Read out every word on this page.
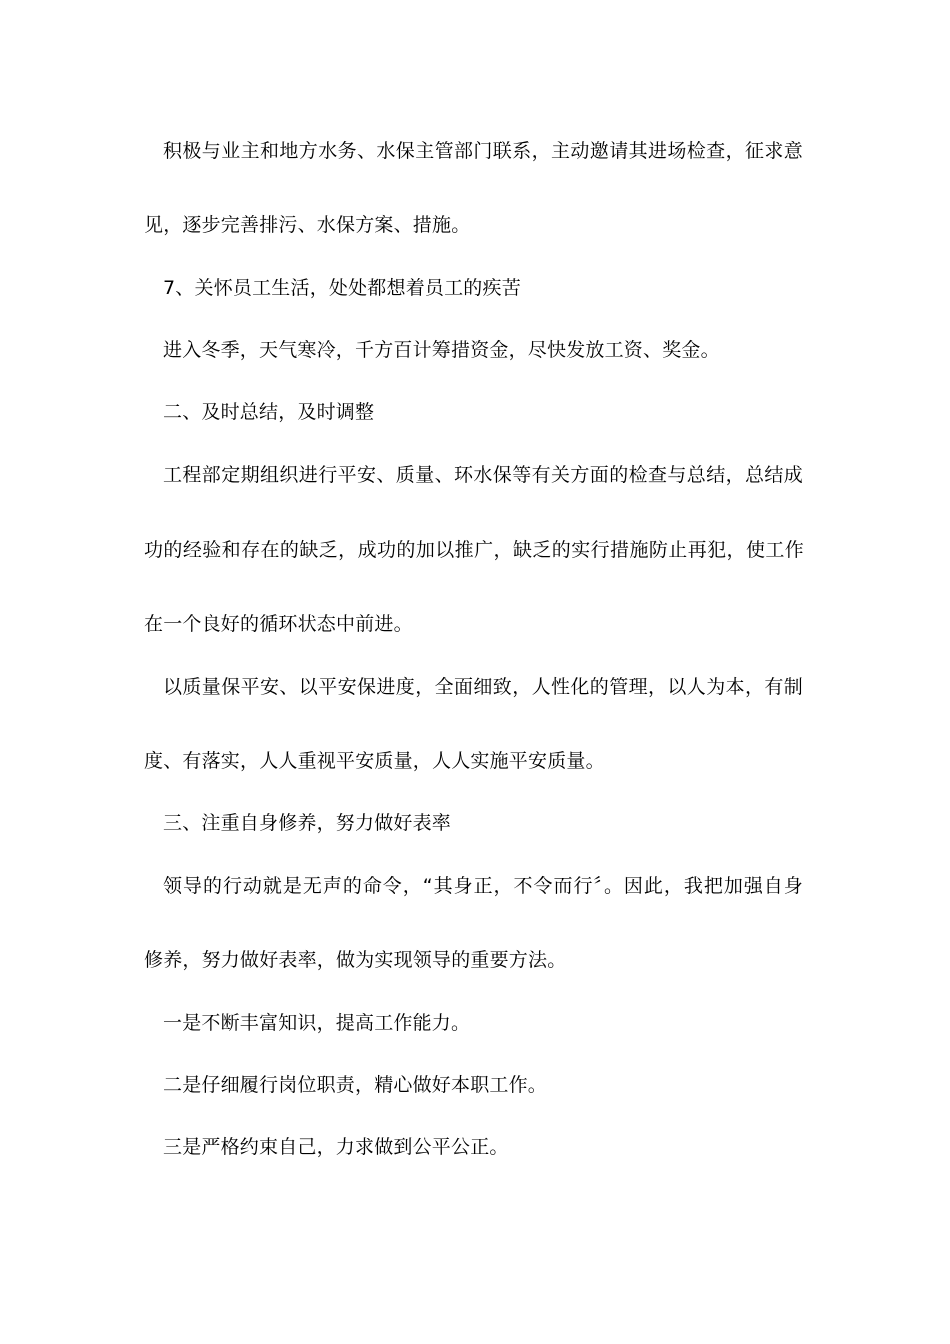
积极与业主和地方水务、水保主管部门联系，主动邀请其进场检查，征求意
见，逐步完善排污、水保方案、措施。
7、关怀员工生活，处处都想着员工的疾苦
进入冬季，天气寒冷，千方百计筹措资金，尽快发放工资、奖金。
二、及时总结，及时调整
工程部定期组织进行平安、质量、环水保等有关方面的检查与总结，总结成
功的经验和存在的缺乏，成功的加以推广，缺乏的实行措施防止再犯，使工作
在一个良好的循环状态中前进。
以质量保平安、以平安保进度，全面细致，人性化的管理，以人为本，有制
度、有落实，人人重视平安质量，人人实施平安质量。
三、注重自身修养，努力做好表率
领导的行动就是无声的命令，“其身正，不令而行〞。因此，我把加强自身
修养，努力做好表率，做为实现领导的重要方法。
一是不断丰富知识，提高工作能力。
二是仔细履行岗位职责，精心做好本职工作。
三是严格约束自己，力求做到公平公正。
